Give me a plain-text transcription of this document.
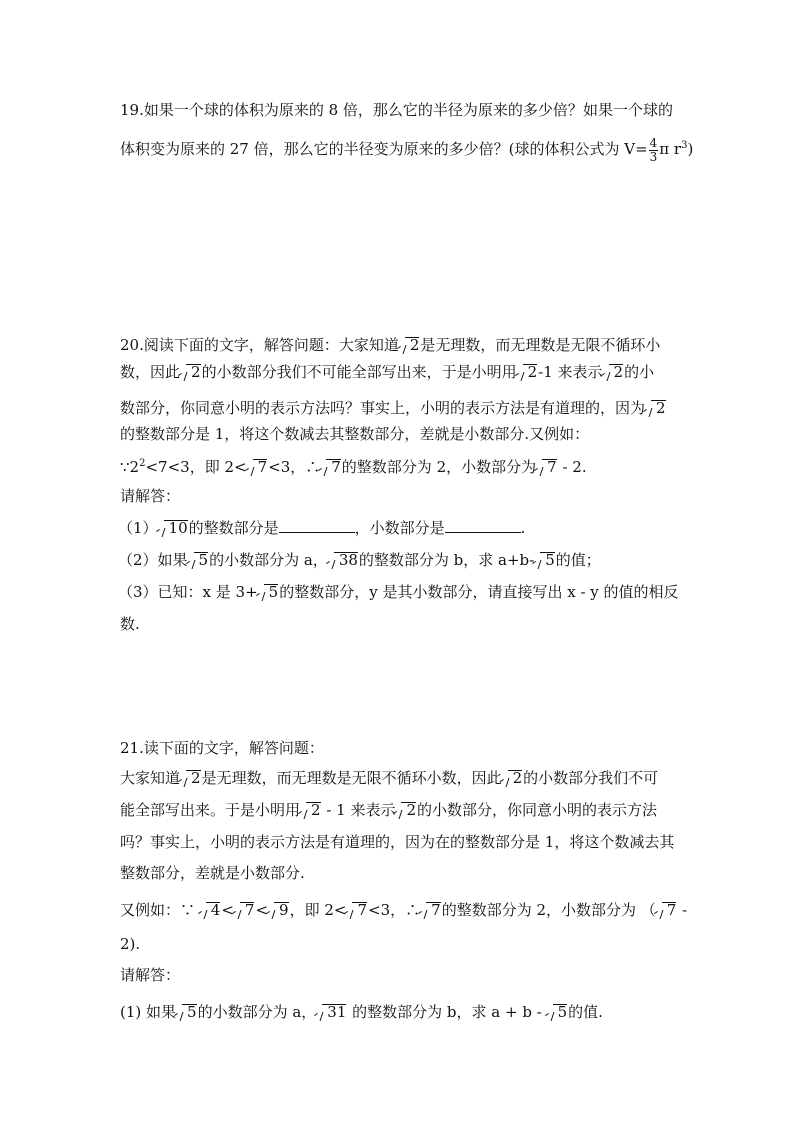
19.如果一个球的体积为原来的 8 倍，那么它的半径为原来的多少倍？如果一个球的
体积变为原来的 27 倍，那么它的半径变为原来的多少倍？(球的体积公式为 $V= \frac{4}{3}$ π $r^3$)
20.阅读下面的文字，解答问题：大家知道 2是无理数，而无理数是无限不循环小
数，因此 2的小数部分我们不可能全部写出来，于是小明用 2-1 来表示 2的小
数部分，你同意小明的表示方法吗？事实上，小明的表示方法是有道理的，因为 2
的整数部分是 1，将这个数减去其整数部分，差就是小数部分.又例如：
$\because 2^2<7<3$，即 2< 7<3，∴ 7的整数部分为 2，小数部分为 7 - 2.
请解答：
（1） 10的整数部分是	，小数部分是	.
（2）如果 5的小数部分为 a， 38的整数部分为 b，求 a+b- 5的值；
（3）已知：x 是 3+ 5的整数部分，y 是其小数部分，请直接写出 x - y 的值的相反
数.
21.读下面的文字，解答问题：
大家知道 2是无理数，而无理数是无限不循环小数，因此 2的小数部分我们不可
能全部写出来。于是小明用 2 - 1 来表示 2的小数部分，你同意小明的表示方法
吗？事实上，小明的表示方法是有道理的，因为在的整数部分是 1，将这个数减去其
整数部分，差就是小数部分.
又例如：∵
4< 7< 9，即 2< 7<3，∴ 7的整数部分为 2，小数部分为 （ 7 -
2).
请解答：
(1) 如果 5的小数部分为 a， 31 的整数部分为 b，求 a + b -
5的值.
